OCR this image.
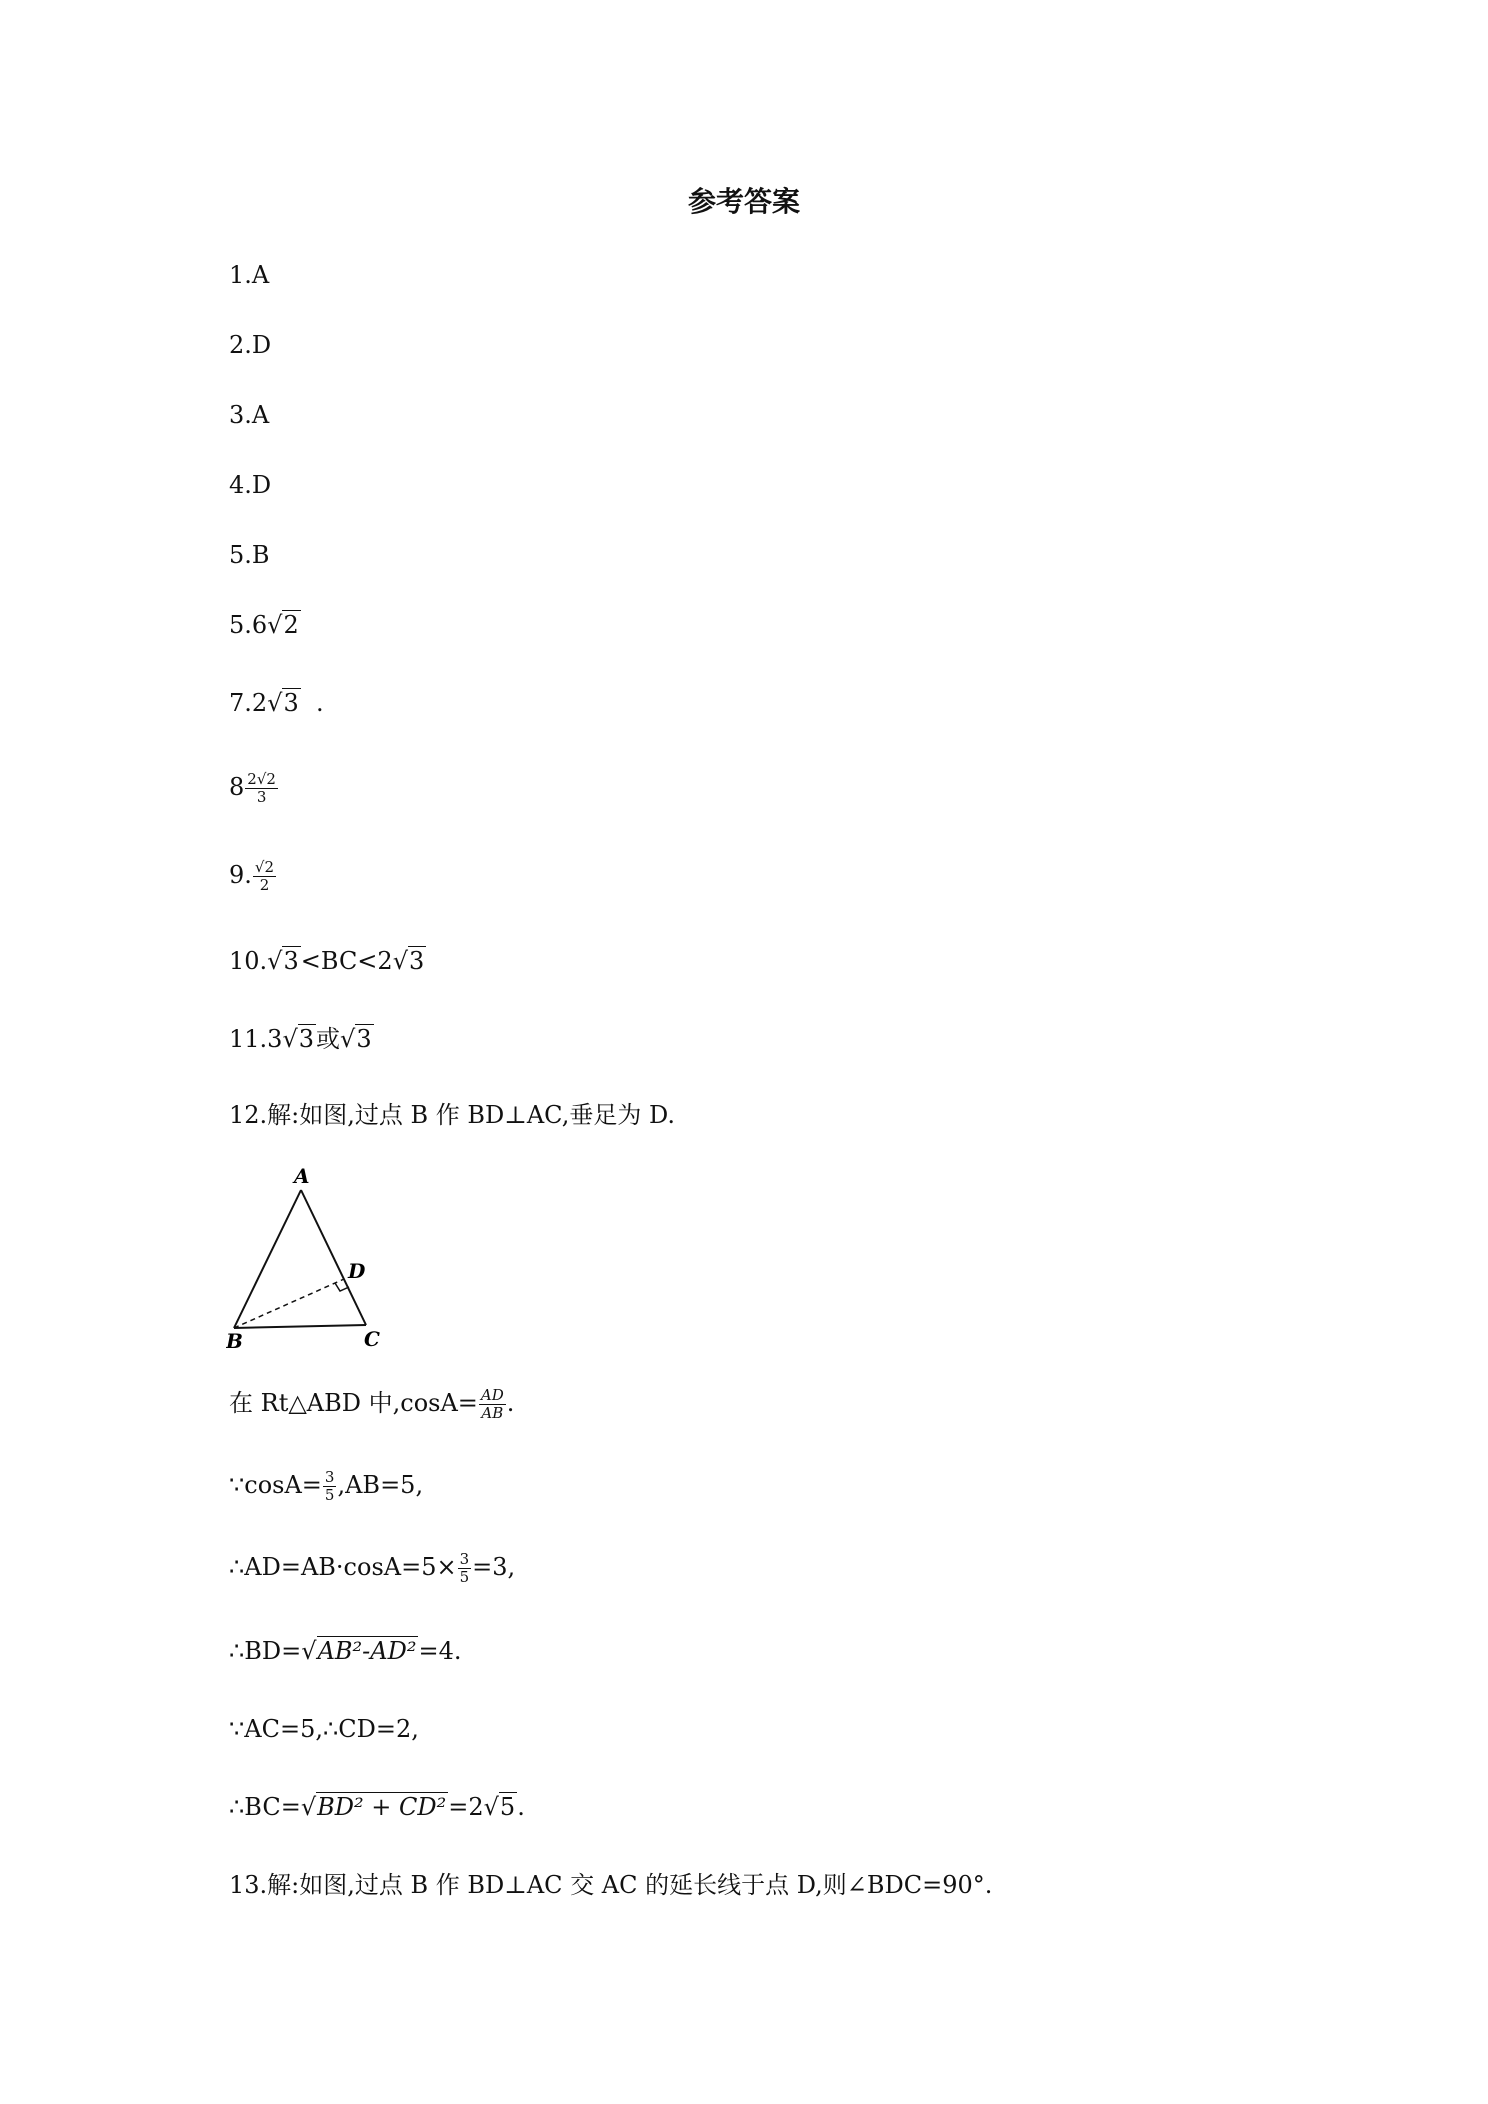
参考答案
1.A
2.D
3.A
4.D
5.B
5.6√2
7.2√3  .
$8 \frac{2√2}{3}$
9. $\frac{√2}{2}$
10.√3<BC<2√3
11.3√3或√3
12.解:如图,过点 B 作 BD⊥AC,垂足为 D.
A
B	C
D
在 Rt△ABD 中$,\cos A= \frac{AD}{AB}$ .
∵cosA= $\frac{3}{5} ,AB=5$,
∴AD=AB·cosA=5× $\frac{3}{5} =3$,
∴BD=√AB²-AD²=4.
∵AC=5,∴CD=2,
∴BC=√BD² + CD²=2√5.
13.解:如图,过点 B 作 BD⊥AC 交 AC 的延长线于点 D,则∠BDC=90°.
